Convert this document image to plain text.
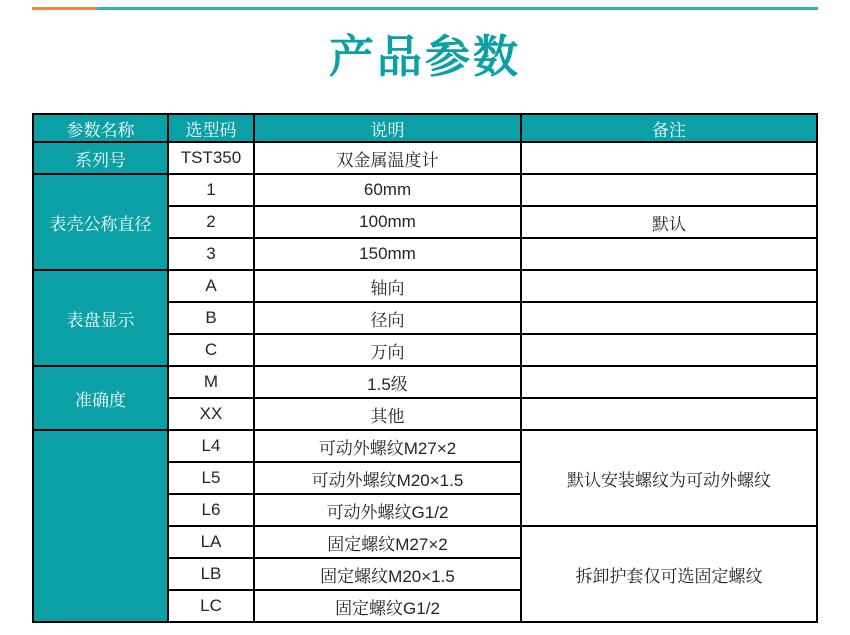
产品参数
参数名称	选型码	说明	备注
系列号	TST350	双金属温度计	
表壳公称直径	1	60mm	
	2	100mm	默认
	3	150mm	
表盘显示	A	轴向	
	B	径向	
	C	万向	
准确度	M	1.5级	
	XX	其他	
	L4	可动外螺纹M27×2	默认安装螺纹为可动外螺纹
	L5	可动外螺纹M20×1.5	
	L6	可动外螺纹G1/2	
	LA	固定螺纹M27×2	拆卸护套仅可选固定螺纹
	LB	固定螺纹M20×1.5	
	LC	固定螺纹G1/2	
